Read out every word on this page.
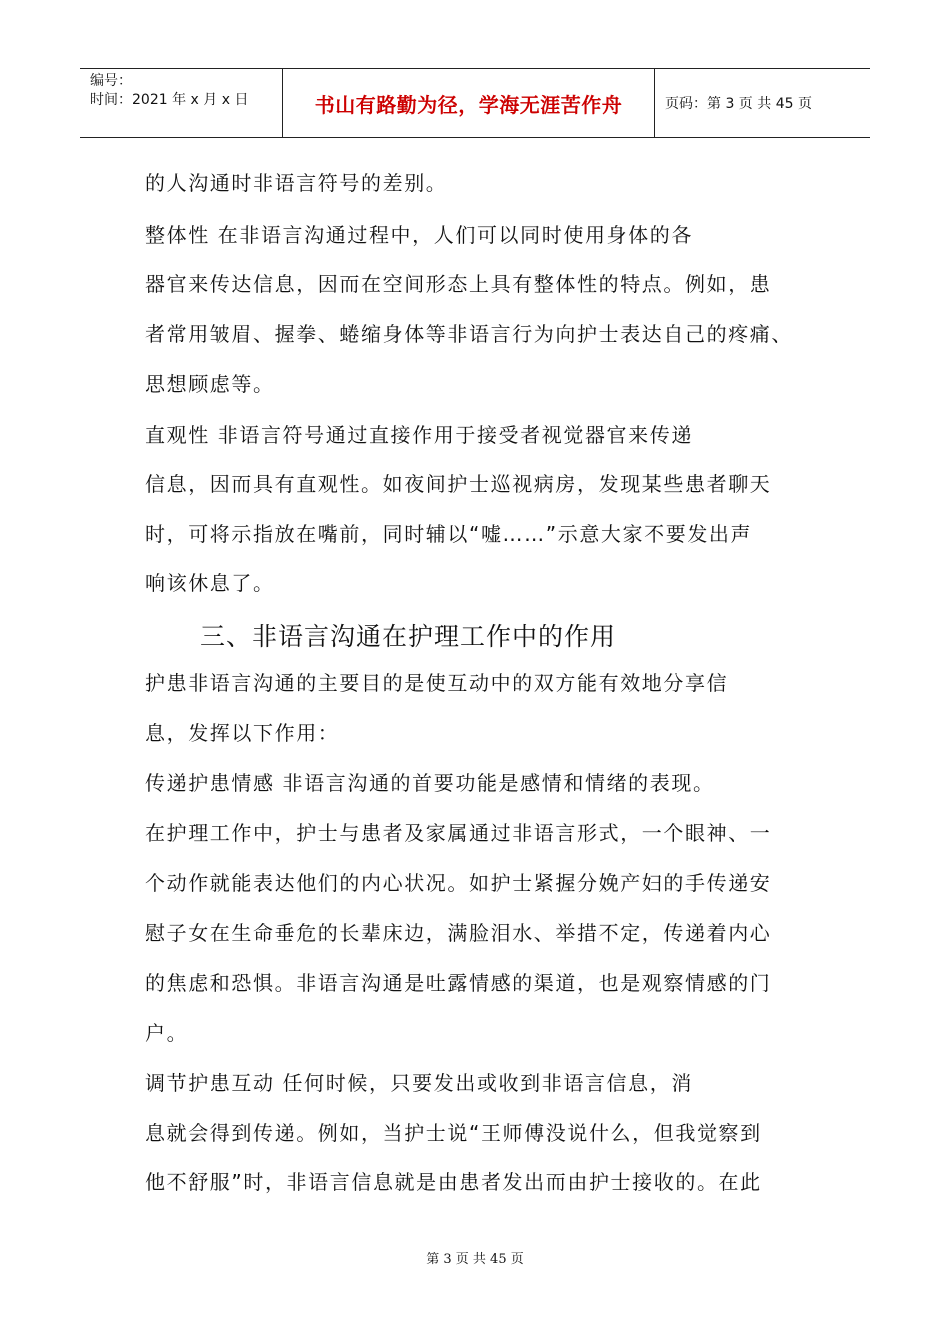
编号：
时间：2021 年 x 月 x 日	书山有路勤为径，学海无涯苦作舟	页码：第 3 页 共 45 页
的人沟通时非语言符号的差别。
整体性 在非语言沟通过程中，人们可以同时使用身体的各
器官来传达信息，因而在空间形态上具有整体性的特点。例如，患
者常用皱眉、握拳、蜷缩身体等非语言行为向护士表达自己的疼痛、
思想顾虑等。
直观性 非语言符号通过直接作用于接受者视觉器官来传递
信息，因而具有直观性。如夜间护士巡视病房，发现某些患者聊天
时，可将示指放在嘴前，同时辅以“嘘……”示意大家不要发出声
响该休息了。
三、非语言沟通在护理工作中的作用
护患非语言沟通的主要目的是使互动中的双方能有效地分享信
息，发挥以下作用：
传递护患情感 非语言沟通的首要功能是感情和情绪的表现。
在护理工作中，护士与患者及家属通过非语言形式，一个眼神、一
个动作就能表达他们的内心状况。如护士紧握分娩产妇的手传递安
慰子女在生命垂危的长辈床边，满脸泪水、举措不定，传递着内心
的焦虑和恐惧。非语言沟通是吐露情感的渠道，也是观察情感的门
户。
调节护患互动 任何时候，只要发出或收到非语言信息，消
息就会得到传递。例如，当护士说“王师傅没说什么，但我觉察到
他不舒服”时，非语言信息就是由患者发出而由护士接收的。在此
第 3 页 共 45 页
